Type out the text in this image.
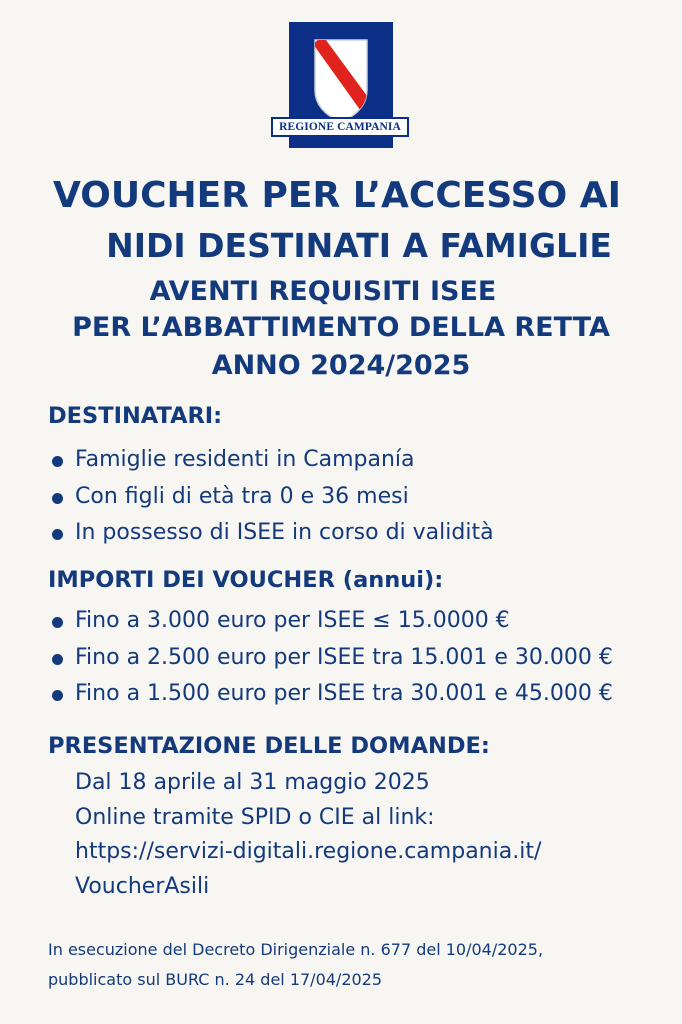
REGIONE CAMPANIA
VOUCHER PER L’ACCESSO AI
NIDI DESTINATI A FAMIGLIE
AVENTI REQUISITI ISEE
PER L’ABBATTIMENTO DELLA RETTA
ANNO 2024/2025
DESTINATARI:
Famiglie residenti in Campanía
Con figli di età tra 0 e 36 mesi
In possesso di ISEE in corso di validità
IMPORTI DEI VOUCHER (annui):
Fino a 3.000 euro per ISEE ≤ 15.0000 €
Fino a 2.500 euro per ISEE tra 15.001 e 30.000 €
Fino a 1.500 euro per ISEE tra 30.001 e 45.000 €
PRESENTAZIONE DELLE DOMANDE:
Dal 18 aprile al 31 maggio 2025
Online tramite SPID o CIE al link:
https://servizi-digitali.regione.campania.it/
VoucherAsili
In esecuzione del Decreto Dirigenziale n. 677 del 10/04/2025,
pubblicato sul BURC n. 24 del 17/04/2025
